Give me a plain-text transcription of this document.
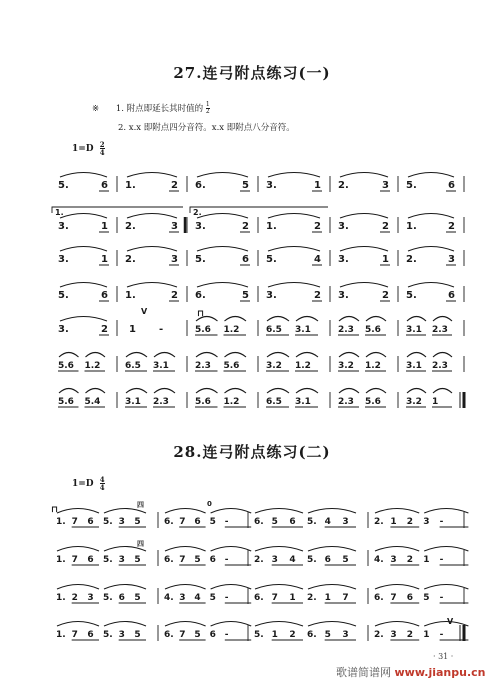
27.连弓附点练习(一)
※ 1. 附点即延长其时值的 $\frac{1}{2}$
2. x.x 即附点四分音符。x.x 即附点八分音符。
$1=D \frac{2}{4}$
28.连弓附点练习(二)
$1=D \frac{4}{4}$
5.	6 1.	2 6.	5 3.	1 2.	3 5.	6
3.	1 2.	3 3.	2 1.	2 3.	2 1.	2
3.	1 2.	3 5.	6 5.	4 3.	1 2.	3
5.	6 1.	2 6.	5 3.	2 3.	2 5.	6
3.	2 1 -	5.6 1.2	6.5 3.1	2.3 5.6	3.1 2.3
5.6 1.2	6.5 3.1	2.3 5.6	3.2 1.2	3.2 1.2	3.1 2.3
5.6 5.4	3.1 2.3	5.6 1.2	6.5 3.1	2.3 5.6	3.2 1
1.	2.
V	⊓
1. 7 6 5. 3 5	6. 7 6 5 -	6. 5 6 5. 4 3	2. 1 2 3 -
1. 7 6 5. 3 5	6. 7 5 6 -	2. 3 4 5. 6 5	4. 3 2 1 -
1. 2 3 5. 6 5	4. 3 4 5 -	6. 7 1 2. 1 7	6. 7 6 5 -
1. 7 6 5. 3 5	6. 7 5 6 -	5. 1 2 6. 5 3	2. 3 2 1 -
⊓	四
四
0
V
· 31 ·
歌谱简谱网 www.jianpu.cn
